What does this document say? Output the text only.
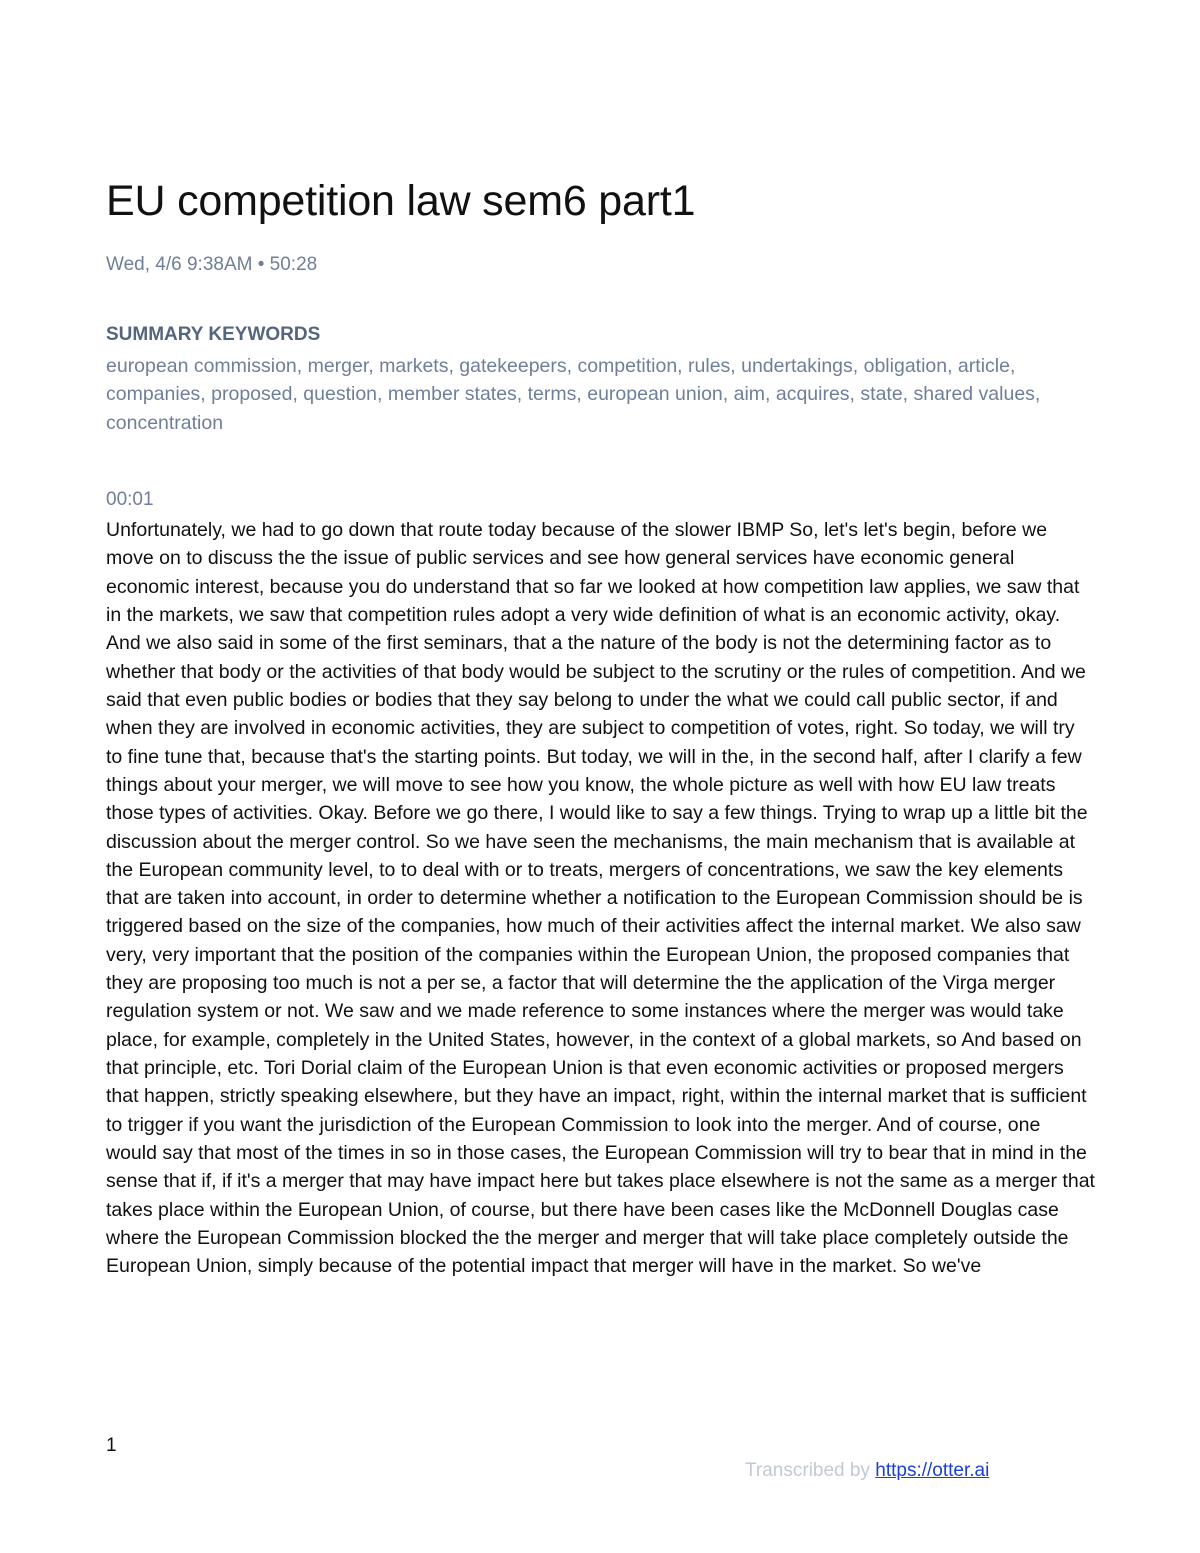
EU competition law sem6 part1
Wed, 4/6 9:38AM • 50:28
SUMMARY KEYWORDS
european commission, merger, markets, gatekeepers, competition, rules, undertakings, obligation, article, companies, proposed, question, member states, terms, european union, aim, acquires, state, shared values, concentration
00:01
Unfortunately, we had to go down that route today because of the slower IBMP So, let's let's begin, before we move on to discuss the the issue of public services and see how general services have economic general economic interest, because you do understand that so far we looked at how competition law applies, we saw that in the markets, we saw that competition rules adopt a very wide definition of what is an economic activity, okay. And we also said in some of the first seminars, that a the nature of the body is not the determining factor as to whether that body or the activities of that body would be subject to the scrutiny or the rules of competition. And we said that even public bodies or bodies that they say belong to under the what we could call public sector, if and when they are involved in economic activities, they are subject to competition of votes, right. So today, we will try to fine tune that, because that's the starting points. But today, we will in the, in the second half, after I clarify a few things about your merger, we will move to see how you know, the whole picture as well with how EU law treats those types of activities. Okay. Before we go there, I would like to say a few things. Trying to wrap up a little bit the discussion about the merger control. So we have seen the mechanisms, the main mechanism that is available at the European community level, to to deal with or to treats, mergers of concentrations, we saw the key elements that are taken into account, in order to determine whether a notification to the European Commission should be is triggered based on the size of the companies, how much of their activities affect the internal market. We also saw very, very important that the position of the companies within the European Union, the proposed companies that they are proposing too much is not a per se, a factor that will determine the the application of the Virga merger regulation system or not. We saw and we made reference to some instances where the merger was would take place, for example, completely in the United States, however, in the context of a global markets, so And based on that principle, etc. Tori Dorial claim of the European Union is that even economic activities or proposed mergers that happen, strictly speaking elsewhere, but they have an impact, right, within the internal market that is sufficient to trigger if you want the jurisdiction of the European Commission to look into the merger. And of course, one would say that most of the times in so in those cases, the European Commission will try to bear that in mind in the sense that if, if it's a merger that may have impact here but takes place elsewhere is not the same as a merger that takes place within the European Union, of course, but there have been cases like the McDonnell Douglas case where the European Commission blocked the the merger and merger that will take place completely outside the European Union, simply because of the potential impact that merger will have in the market. So we've
1
Transcribed by https://otter.ai
